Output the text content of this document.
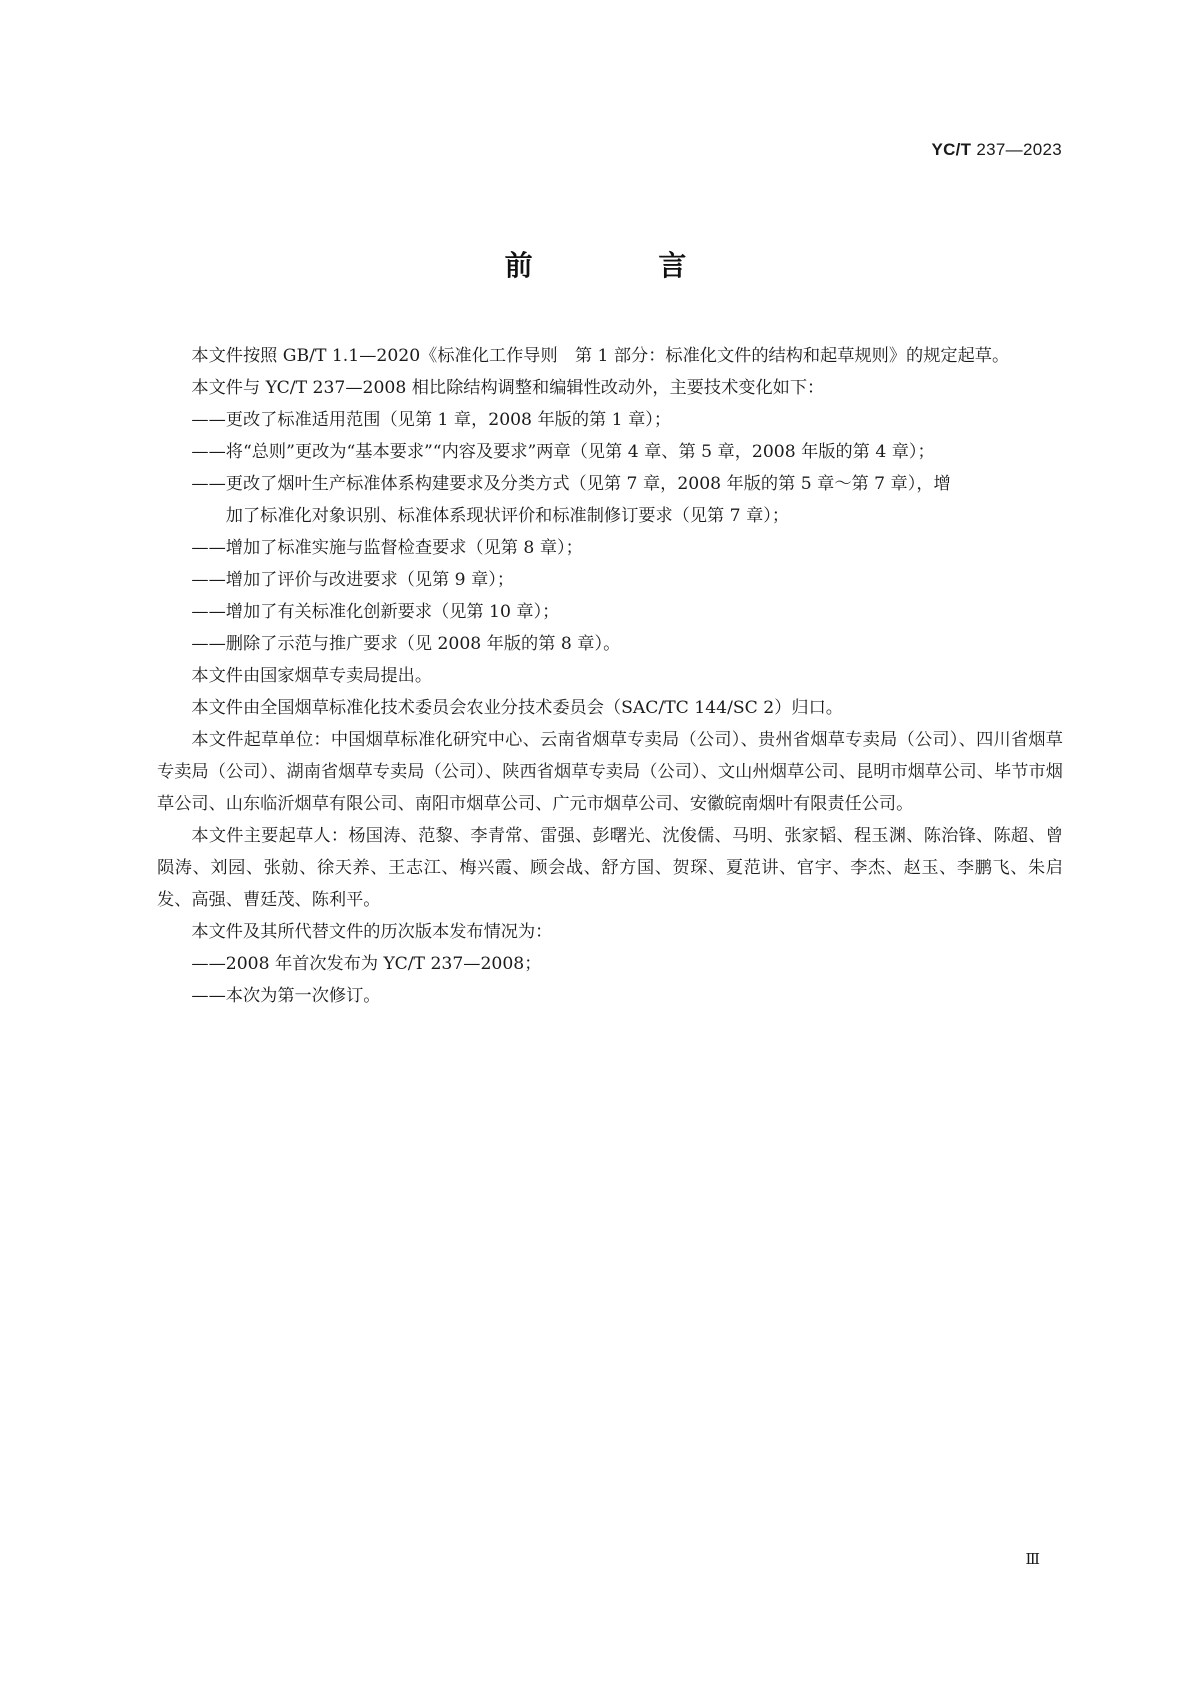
YC/T 237—2023
前 言

本文件按照 GB/T 1.1—2020《标准化工作导则　第 1 部分：标准化文件的结构和起草规则》的规定起草。

本文件与 YC/T 237—2008 相比除结构调整和编辑性改动外，主要技术变化如下：

——更改了标准适用范围（见第 1 章，2008 年版的第 1 章）；

——将“总则”更改为“基本要求”“内容及要求”两章（见第 4 章、第 5 章，2008 年版的第 4 章）；

——更改了烟叶生产标准体系构建要求及分类方式（见第 7 章，2008 年版的第 5 章～第 7 章），增
加了标准化对象识别、标准体系现状评价和标准制修订要求（见第 7 章）；

——增加了标准实施与监督检查要求（见第 8 章）；

——增加了评价与改进要求（见第 9 章）；

——增加了有关标准化创新要求（见第 10 章）；

——删除了示范与推广要求（见 2008 年版的第 8 章）。

本文件由国家烟草专卖局提出。

本文件由全国烟草标准化技术委员会农业分技术委员会（SAC/TC 144/SC 2）归口。

本文件起草单位：中国烟草标准化研究中心、云南省烟草专卖局（公司）、贵州省烟草专卖局（公司）、四川省烟草专卖局（公司）、湖南省烟草专卖局（公司）、陕西省烟草专卖局（公司）、文山州烟草公司、昆明市烟草公司、毕节市烟草公司、山东临沂烟草有限公司、南阳市烟草公司、广元市烟草公司、安徽皖南烟叶有限责任公司。

本文件主要起草人：杨国涛、范黎、李青常、雷强、彭曙光、沈俊儒、马明、张家韬、程玉渊、陈治锋、陈超、曾陨涛、刘园、张勍、徐天养、王志江、梅兴霞、顾会战、舒方国、贺琛、夏范讲、官宇、李杰、赵玉、李鹏飞、朱启发、高强、曹廷茂、陈利平。

本文件及其所代替文件的历次版本发布情况为：

——2008 年首次发布为 YC/T 237—2008；

——本次为第一次修订。

Ⅲ
